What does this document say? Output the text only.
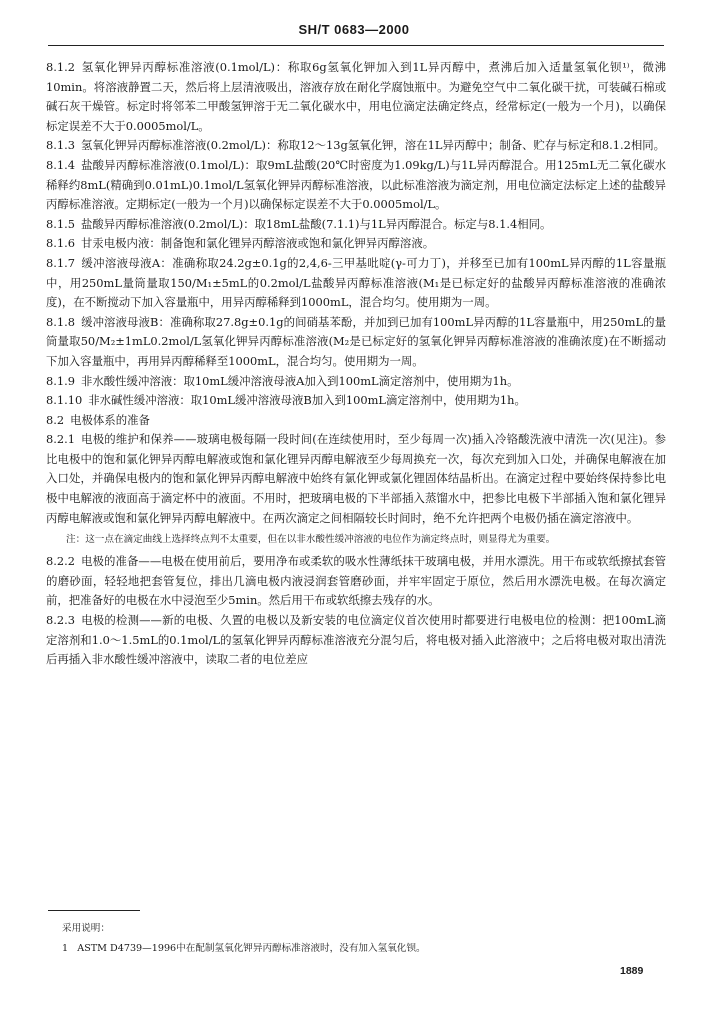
SH/T 0683—2000

8.1.2 氢氧化钾异丙醇标准溶液(0.1mol/L)：称取6g氢氧化钾加入到1L异丙醇中，煮沸后加入适量氢氧化钡¹⁾，微沸10min。将溶液静置二天，然后将上层清液吸出，溶液存放在耐化学腐蚀瓶中。为避免空气中二氧化碳干扰，可装碱石棉或碱石灰干燥管。标定时将邻苯二甲酸氢钾溶于无二氧化碳水中，用电位滴定法确定终点，经常标定(一般为一个月)，以确保标定误差不大于0.0005mol/L。

8.1.3 氢氧化钾异丙醇标准溶液(0.2mol/L)：称取12～13g氢氧化钾，溶在1L异丙醇中；制备、贮存与标定和8.1.2相同。

8.1.4 盐酸异丙醇标准溶液(0.1mol/L)：取9mL盐酸(20℃时密度为1.09kg/L)与1L异丙醇混合。用125mL无二氧化碳水稀释约8mL(精确到0.01mL)0.1mol/L氢氧化钾异丙醇标准溶液，以此标准溶液为滴定剂，用电位滴定法标定上述的盐酸异丙醇标准溶液。定期标定(一般为一个月)以确保标定误差不大于0.0005mol/L。

8.1.5 盐酸异丙醇标准溶液(0.2mol/L)：取18mL盐酸(7.1.1)与1L异丙醇混合。标定与8.1.4相同。

8.1.6 甘汞电极内液：制备饱和氯化锂异丙醇溶液或饱和氯化钾异丙醇溶液。

8.1.7 缓冲溶液母液A：准确称取24.2g±0.1g的2,4,6-三甲基吡啶(γ-可力丁)，并移至已加有100mL异丙醇的1L容量瓶中，用250mL量筒量取150/M₁±5mL的0.2mol/L盐酸异丙醇标准溶液(M₁是已标定好的盐酸异丙醇标准溶液的准确浓度)，在不断搅动下加入容量瓶中，用异丙醇稀释到1000mL，混合均匀。使用期为一周。

8.1.8 缓冲溶液母液B：准确称取27.8g±0.1g的间硝基苯酚，并加到已加有100mL异丙醇的1L容量瓶中，用250mL的量筒量取50/M₂±1mL0.2mol/L氢氧化钾异丙醇标准溶液(M₂是已标定好的氢氧化钾异丙醇标准溶液的准确浓度)在不断摇动下加入容量瓶中，再用异丙醇稀释至1000mL，混合均匀。使用期为一周。

8.1.9 非水酸性缓冲溶液：取10mL缓冲溶液母液A加入到100mL滴定溶剂中，使用期为1h。

8.1.10 非水碱性缓冲溶液：取10mL缓冲溶液母液B加入到100mL滴定溶剂中，使用期为1h。

8.2 电极体系的准备

8.2.1 电极的维护和保养——玻璃电极每隔一段时间(在连续使用时，至少每周一次)插入冷铬酸洗液中清洗一次(见注)。参比电极中的饱和氯化钾异丙醇电解液或饱和氯化锂异丙醇电解液至少每周换充一次，每次充到加入口处，并确保电解液在加入口处，并确保电极内的饱和氯化钾异丙醇电解液中始终有氯化钾或氯化锂固体结晶析出。在滴定过程中要始终保持参比电极中电解液的液面高于滴定杯中的液面。不用时，把玻璃电极的下半部插入蒸馏水中，把参比电极下半部插入饱和氯化锂异丙醇电解液或饱和氯化钾异丙醇电解液中。在两次滴定之间相隔较长时间时，绝不允许把两个电极仍插在滴定溶液中。

注：这一点在滴定曲线上选择终点判不太重要，但在以非水酸性缓冲溶液的电位作为滴定终点时，则显得尤为重要。

8.2.2 电极的准备——电极在使用前后，要用净布或柔软的吸水性薄纸抹干玻璃电极，并用水漂洗。用干布或软纸擦拭套管的磨砂面，轻轻地把套管复位，排出几滴电极内液浸润套管磨砂面，并牢牢固定于原位，然后用水漂洗电极。在每次滴定前，把准备好的电极在水中浸泡至少5min。然后用干布或软纸擦去残存的水。

8.2.3 电极的检测——新的电极、久置的电极以及新安装的电位滴定仪首次使用时都要进行电极电位的检测：把100mL滴定溶剂和1.0～1.5mL的0.1mol/L的氢氧化钾异丙醇标准溶液充分混匀后，将电极对插入此溶液中；之后将电极对取出清洗后再插入非水酸性缓冲溶液中，读取二者的电位差应

采用说明：
1 ASTM D4739—1996中在配制氢氧化钾异丙醇标准溶液时，没有加入氢氧化钡。
1889
